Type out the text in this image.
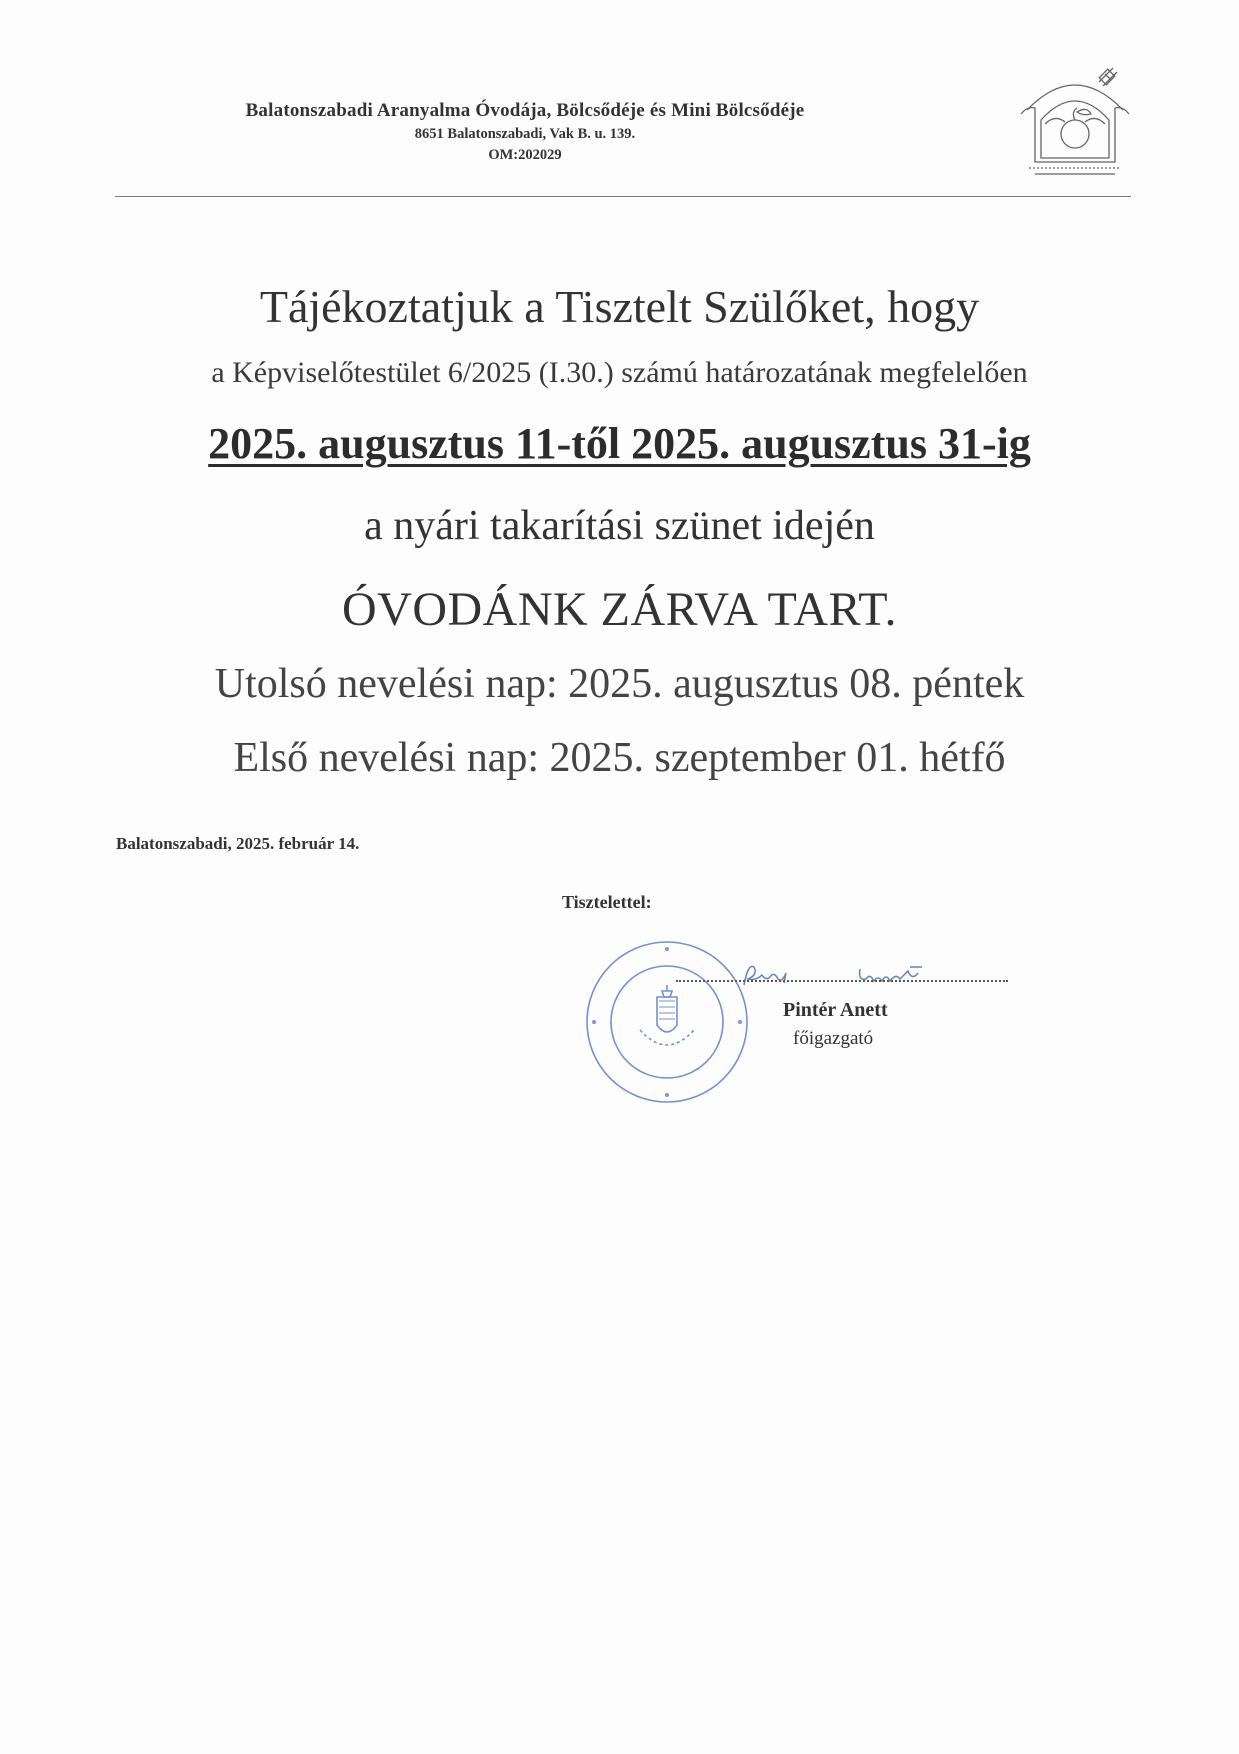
Balatonszabadi Aranyalma Óvodája, Bölcsődéje és Mini Bölcsődéje
8651 Balatonszabadi, Vak B. u. 139.
OM:202029
Tájékoztatjuk a Tisztelt Szülőket, hogy
a Képviselőtestület 6/2025 (I.30.) számú határozatának megfelelően
2025. augusztus 11-től 2025. augusztus 31-ig
a nyári takarítási szünet idején
ÓVODÁNK ZÁRVA TART.
Utolsó nevelési nap: 2025. augusztus 08. péntek
Első nevelési nap: 2025. szeptember 01. hétfő
Balatonszabadi, 2025. február 14.
Tisztelettel:
Pintér Anett
főigazgató
